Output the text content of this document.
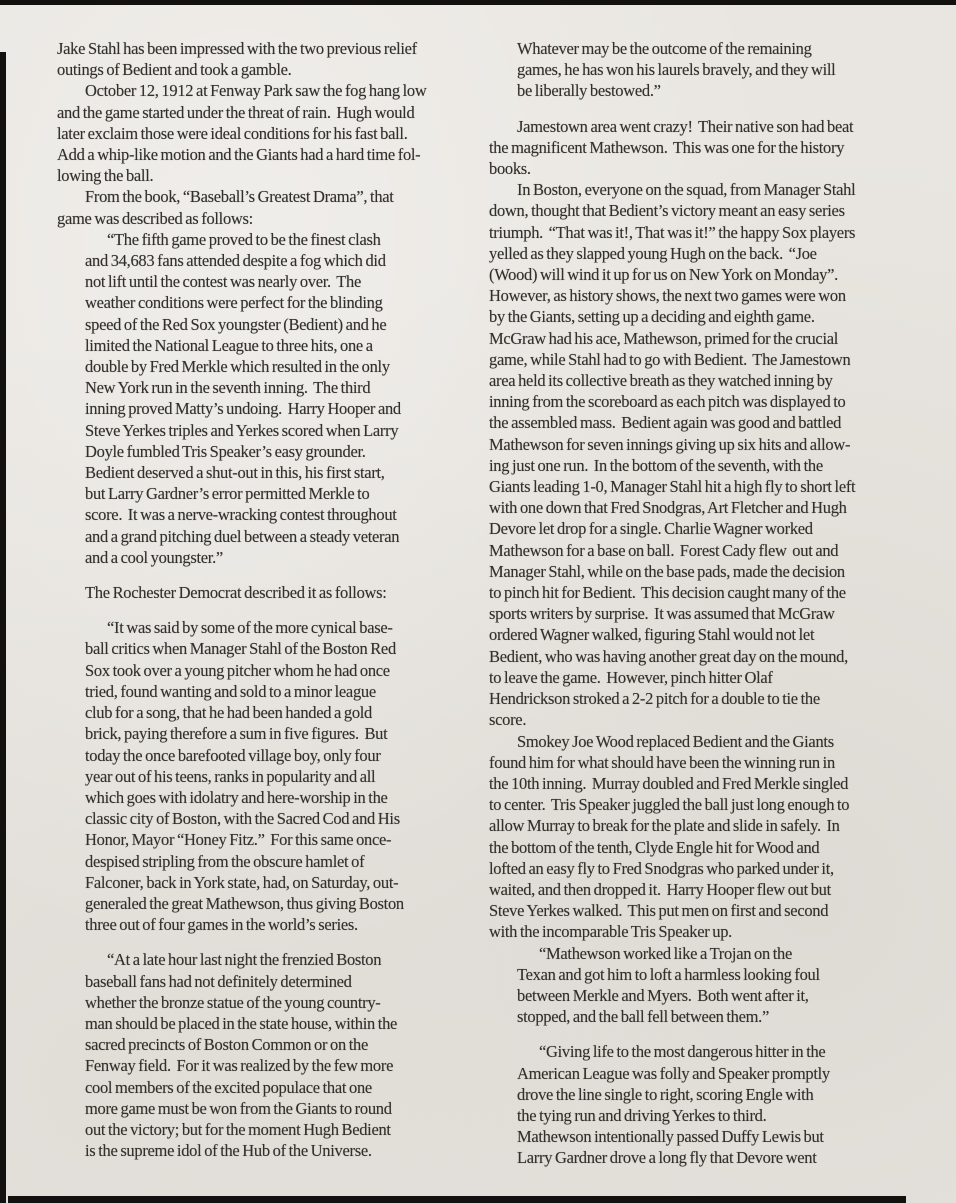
Jake Stahl has been impressed with the two previous relief
outings of Bedient and took a gamble.
October 12, 1912 at Fenway Park saw the fog hang low
and the game started under the threat of rain.  Hugh would
later exclaim those were ideal conditions for his fast ball.
Add a whip-like motion and the Giants had a hard time fol-
lowing the ball.
From the book, “Baseball’s Greatest Drama”, that
game was described as follows:
“The fifth game proved to be the finest clash
and 34,683 fans attended despite a fog which did
not lift until the contest was nearly over.  The
weather conditions were perfect for the blinding
speed of the Red Sox youngster (Bedient) and he
limited the National League to three hits, one a
double by Fred Merkle which resulted in the only
New York run in the seventh inning.  The third
inning proved Matty’s undoing.  Harry Hooper and
Steve Yerkes triples and Yerkes scored when Larry
Doyle fumbled Tris Speaker’s easy grounder.
Bedient deserved a shut-out in this, his first start,
but Larry Gardner’s error permitted Merkle to
score.  It was a nerve-wracking contest throughout
and a grand pitching duel between a steady veteran
and a cool youngster.”
The Rochester Democrat described it as follows:
“It was said by some of the more cynical base-
ball critics when Manager Stahl of the Boston Red
Sox took over a young pitcher whom he had once
tried, found wanting and sold to a minor league
club for a song, that he had been handed a gold
brick, paying therefore a sum in five figures.  But
today the once barefooted village boy, only four
year out of his teens, ranks in popularity and all
which goes with idolatry and here-worship in the
classic city of Boston, with the Sacred Cod and His
Honor, Mayor “Honey Fitz.”  For this same once-
despised stripling from the obscure hamlet of
Falconer, back in York state, had, on Saturday, out-
generaled the great Mathewson, thus giving Boston
three out of four games in the world’s series.
“At a late hour last night the frenzied Boston
baseball fans had not definitely determined
whether the bronze statue of the young country-
man should be placed in the state house, within the
sacred precincts of Boston Common or on the
Fenway field.  For it was realized by the few more
cool members of the excited populace that one
more game must be won from the Giants to round
out the victory; but for the moment Hugh Bedient
is the supreme idol of the Hub of the Universe.
Whatever may be the outcome of the remaining
games, he has won his laurels bravely, and they will
be liberally bestowed.”
Jamestown area went crazy!  Their native son had beat
the magnificent Mathewson.  This was one for the history
books.
In Boston, everyone on the squad, from Manager Stahl
down, thought that Bedient’s victory meant an easy series
triumph.  “That was it!, That was it!” the happy Sox players
yelled as they slapped young Hugh on the back.  “Joe
(Wood) will wind it up for us on New York on Monday”.
However, as history shows, the next two games were won
by the Giants, setting up a deciding and eighth game.
McGraw had his ace, Mathewson, primed for the crucial
game, while Stahl had to go with Bedient.  The Jamestown
area held its collective breath as they watched inning by
inning from the scoreboard as each pitch was displayed to
the assembled mass.  Bedient again was good and battled
Mathewson for seven innings giving up six hits and allow-
ing just one run.  In the bottom of the seventh, with the
Giants leading 1-0, Manager Stahl hit a high fly to short left
with one down that Fred Snodgras, Art Fletcher and Hugh
Devore let drop for a single. Charlie Wagner worked
Mathewson for a base on ball.  Forest Cady flew  out and
Manager Stahl, while on the base pads, made the decision
to pinch hit for Bedient.  This decision caught many of the
sports writers by surprise.  It was assumed that McGraw
ordered Wagner walked, figuring Stahl would not let
Bedient, who was having another great day on the mound,
to leave the game.  However, pinch hitter Olaf
Hendrickson stroked a 2-2 pitch for a double to tie the
score.
Smokey Joe Wood replaced Bedient and the Giants
found him for what should have been the winning run in
the 10th inning.  Murray doubled and Fred Merkle singled
to center.  Tris Speaker juggled the ball just long enough to
allow Murray to break for the plate and slide in safely.  In
the bottom of the tenth, Clyde Engle hit for Wood and
lofted an easy fly to Fred Snodgras who parked under it,
waited, and then dropped it.  Harry Hooper flew out but
Steve Yerkes walked.  This put men on first and second
with the incomparable Tris Speaker up.
“Mathewson worked like a Trojan on the
Texan and got him to loft a harmless looking foul
between Merkle and Myers.  Both went after it,
stopped, and the ball fell between them.”
“Giving life to the most dangerous hitter in the
American League was folly and Speaker promptly
drove the line single to right, scoring Engle with
the tying run and driving Yerkes to third.
Mathewson intentionally passed Duffy Lewis but
Larry Gardner drove a long fly that Devore went
